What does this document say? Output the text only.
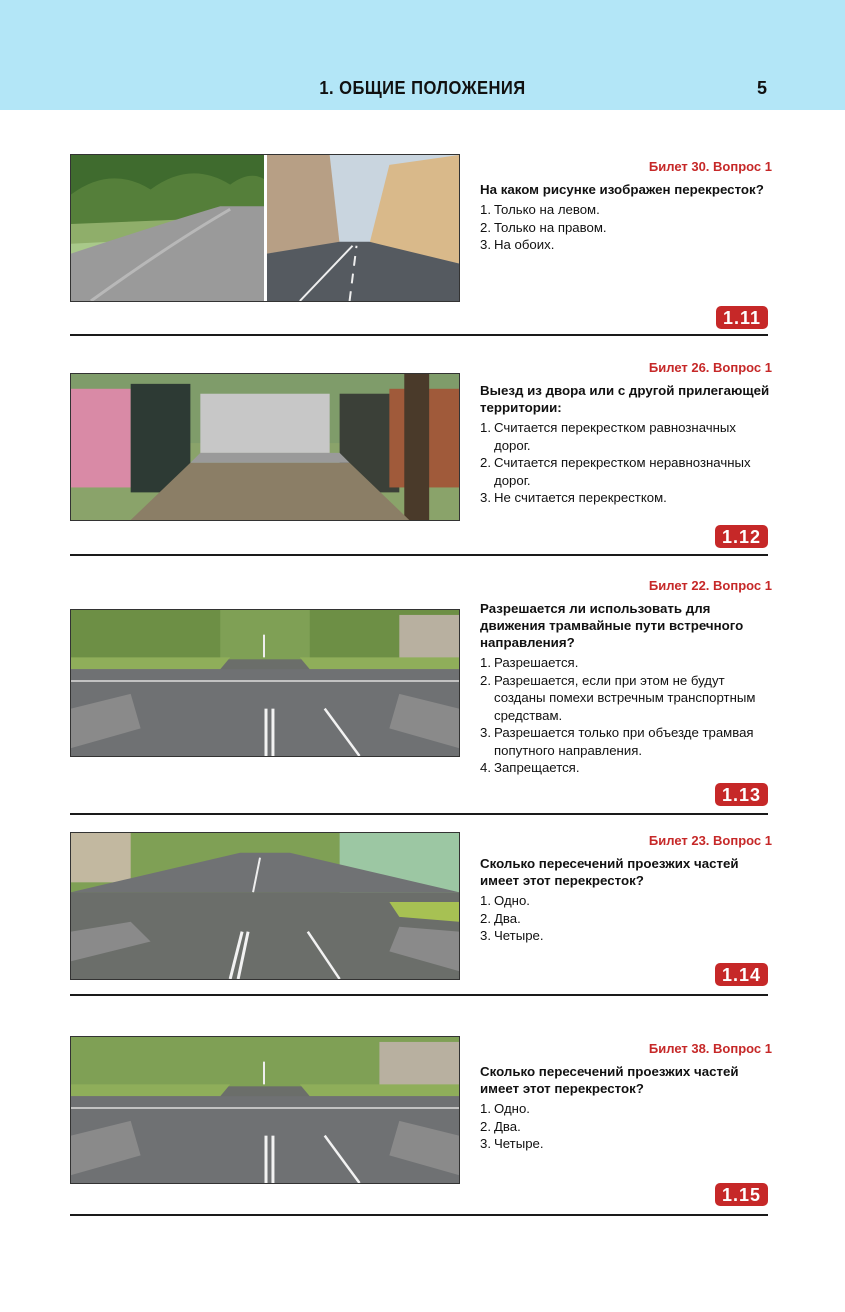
1. ОБЩИЕ ПОЛОЖЕНИЯ	5
Билет 30. Вопрос 1
На каком рисунке изображен перекресток?
1. Только на левом.
2. Только на правом.
3. На обоих.
1.11
Билет 26. Вопрос 1
Выезд из двора или с другой прилегающей территории:
1. Считается перекрестком равнозначных дорог.
2. Считается перекрестком неравнозначных дорог.
3. Не считается перекрестком.
1.12
Билет 22. Вопрос 1
Разрешается ли использовать для движения трамвайные пути встречного направления?
1. Разрешается.
2. Разрешается, если при этом не будут созданы помехи встречным транспортным средствам.
3. Разрешается только при объезде трамвая попутного направления.
4. Запрещается.
1.13
Билет 23. Вопрос 1
Сколько пересечений проезжих частей имеет этот перекресток?
1. Одно.
2. Два.
3. Четыре.
1.14
Билет 38. Вопрос 1
Сколько пересечений проезжих частей имеет этот перекресток?
1. Одно.
2. Два.
3. Четыре.
1.15
